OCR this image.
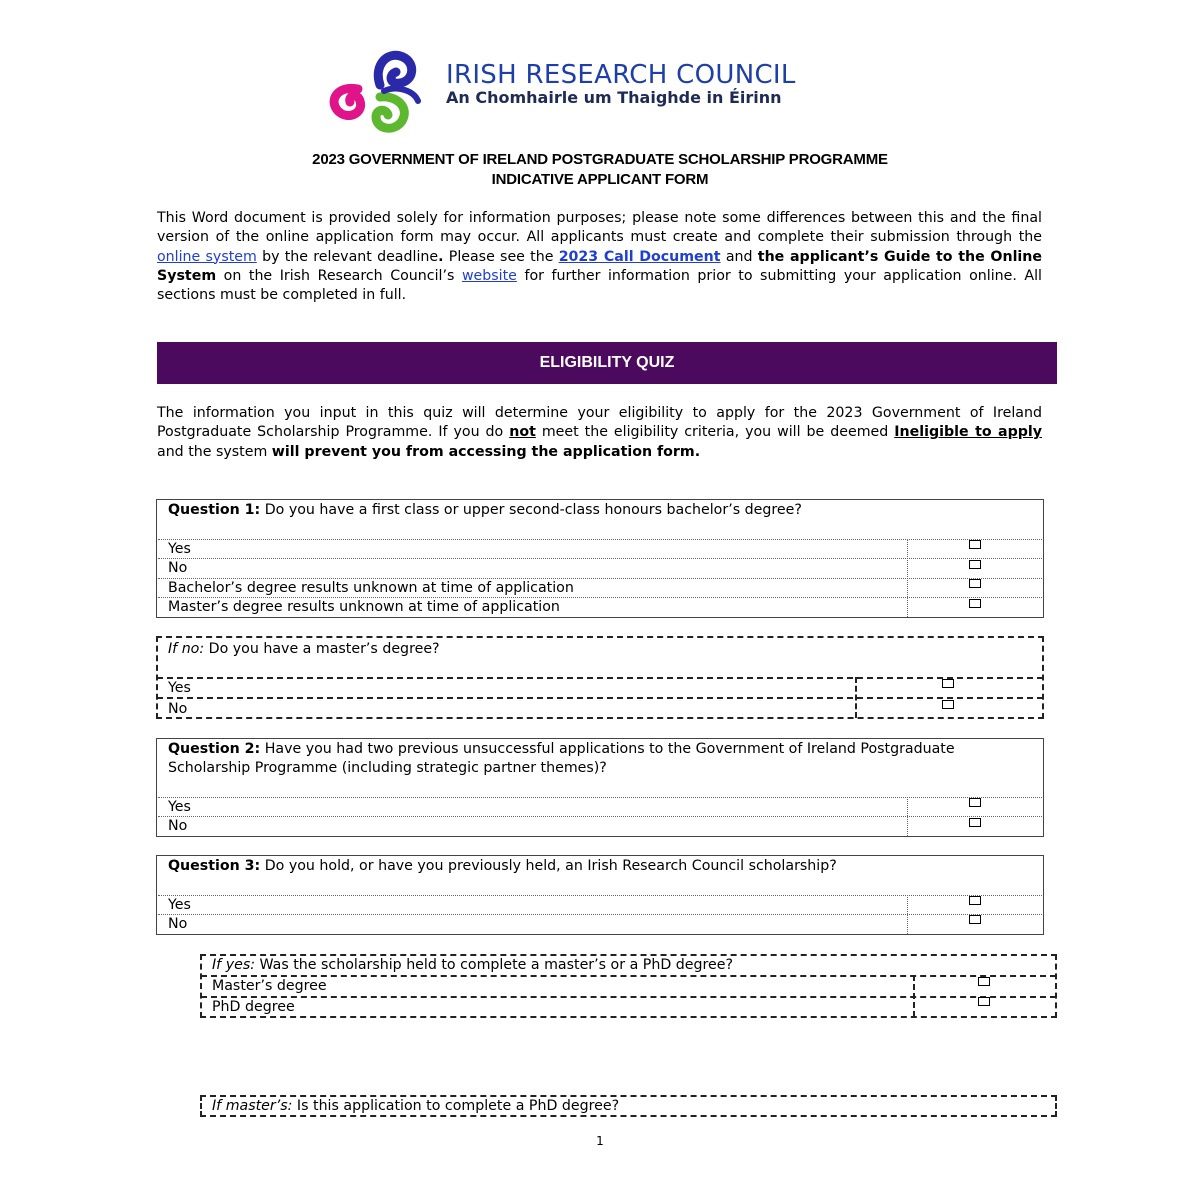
IRISH RESEARCH COUNCIL
An Chomhairle um Thaighde in Éirinn
2023 GOVERNMENT OF IRELAND POSTGRADUATE SCHOLARSHIP PROGRAMME
INDICATIVE APPLICANT FORM
This Word document is provided solely for information purposes; please note some differences between this and the final version of the online application form may occur. All applicants must create and complete their submission through the online system by the relevant deadline. Please see the 2023 Call Document and the applicant’s Guide to the Online System on the Irish Research Council’s website for further information prior to submitting your application online. All sections must be completed in full.
ELIGIBILITY QUIZ
The information you input in this quiz will determine your eligibility to apply for the 2023 Government of Ireland Postgraduate Scholarship Programme. If you do not meet the eligibility criteria, you will be deemed Ineligible to apply and the system will prevent you from accessing the application form.
Question 1: Do you have a first class or upper second-class honours bachelor’s degree?
Yes
No
Bachelor’s degree results unknown at time of application
Master’s degree results unknown at time of application
If no: Do you have a master’s degree?
Yes
No
Question 2: Have you had two previous unsuccessful applications to the Government of Ireland Postgraduate Scholarship Programme (including strategic partner themes)?
Yes
No
Question 3: Do you hold, or have you previously held, an Irish Research Council scholarship?
Yes
No
If yes: Was the scholarship held to complete a master’s or a PhD degree?
Master’s degree
PhD degree
If master’s: Is this application to complete a PhD degree?
1
